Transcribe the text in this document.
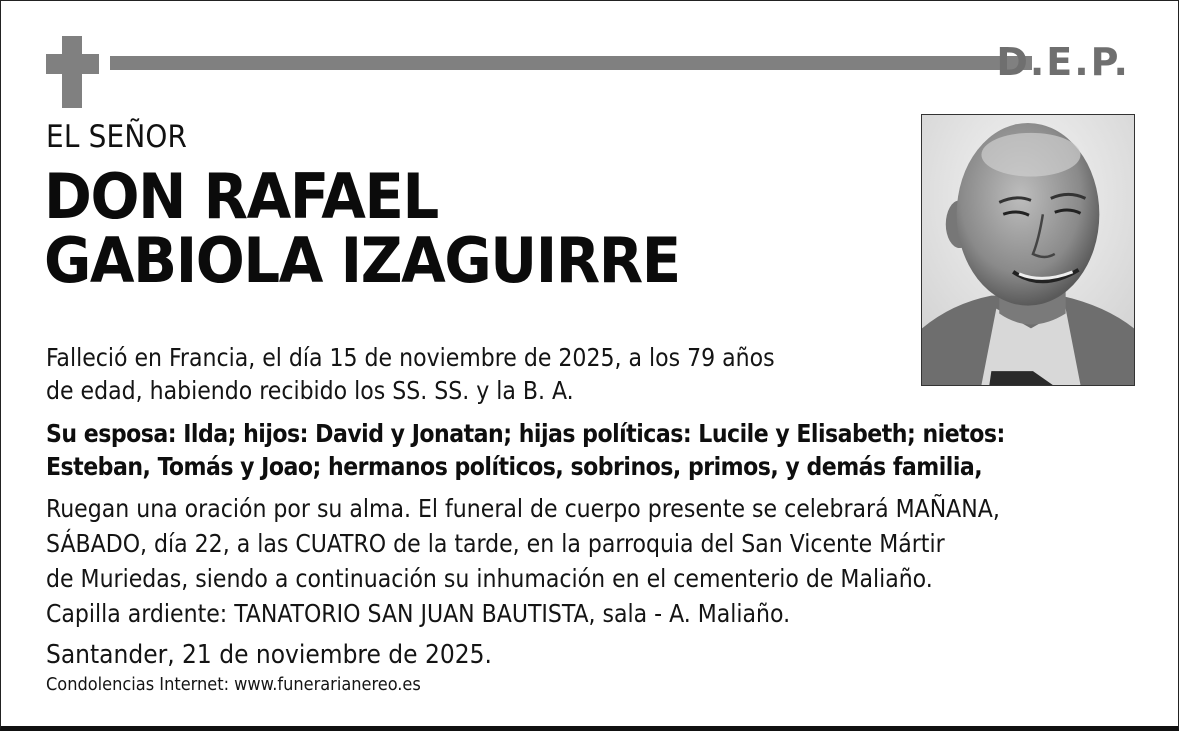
D.E.P.
EL SEÑOR
DON RAFAEL
GABIOLA IZAGUIRRE
Falleció en Francia, el día 15 de noviembre de 2025, a los 79 años
de edad, habiendo recibido los SS. SS. y la B. A.
Su esposa: Ilda; hijos: David y Jonatan; hijas políticas: Lucile y Elisabeth; nietos:
Esteban, Tomás y Joao; hermanos políticos, sobrinos, primos, y demás familia,
Ruegan una oración por su alma. El funeral de cuerpo presente se celebrará MAÑANA,
SÁBADO, día 22, a las CUATRO de la tarde, en la parroquia del San Vicente Mártir
de Muriedas, siendo a continuación su inhumación en el cementerio de Maliaño.
Capilla ardiente: TANATORIO SAN JUAN BAUTISTA, sala - A. Maliaño.
Santander, 21 de noviembre de 2025.
Condolencias Internet: www.funerarianereo.es
